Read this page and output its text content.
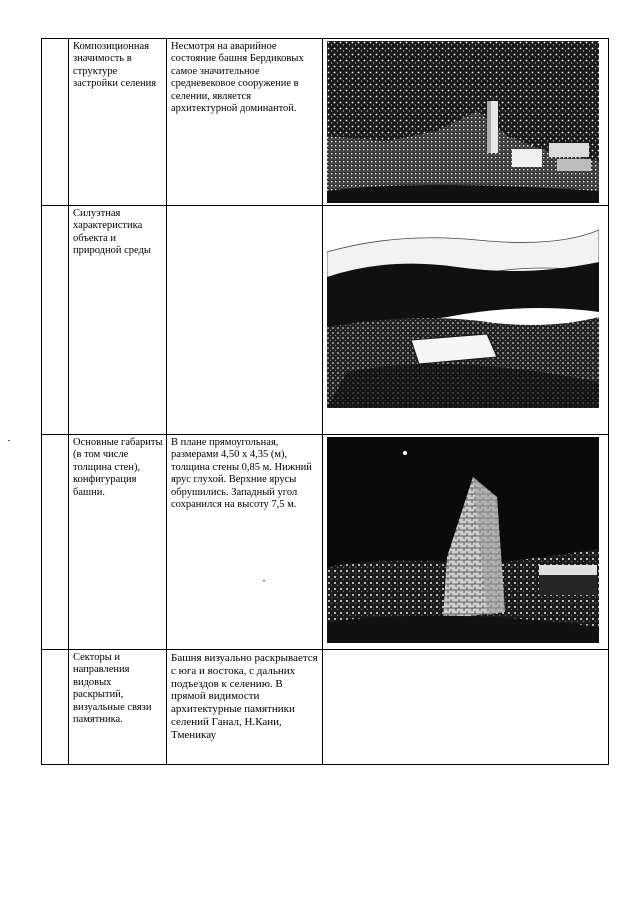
	Композиционная значимость в структуре застройки селения	Несмотря на аварийное состояние башня Бердиковых самое значительное средневековое сооружение в селении, является архитектурной доминантой.	

	Силуэтная характеристика объекта и природной среды		

	Основные габариты (в том числе толщина стен), конфигурация башни.	В плане прямоугольная, размерами 4,50 х 4,35 (м), толщина стены 0,85 м. Нижний ярус глухой. Верхние ярусы обрушились. Западный угол сохранился на высоту 7,5 м.	

	Секторы и направления видовых раскрытий, визуальные связи памятника.	Башня визуально раскрывается с юга и востока, с дальних подъездов к селению. В прямой видимости архитектурные памятники селений Ганал, Н.Кани, Тменикау	
